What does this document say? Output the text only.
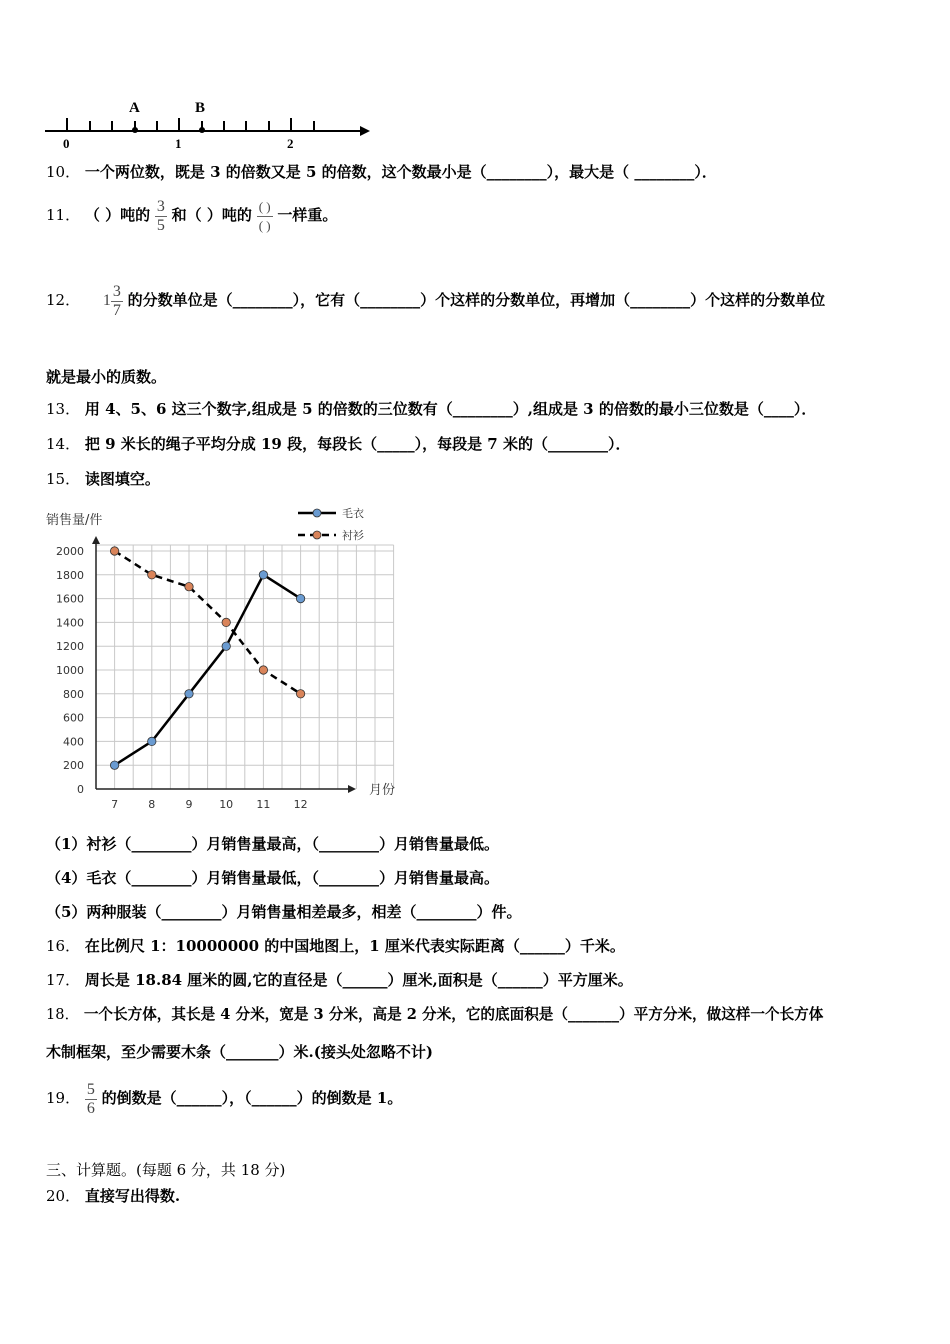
A	B
0	1	2
10． 一个两位数，既是 3 的倍数又是 5 的倍数，这个数最小是（________），最大是（ ________）．
11． （ ）吨的 $\frac{3}{5}$ 和（ ）吨的 $\frac{( )}{( )}$ 一样重。
12． $1 \frac{3}{7}$ 的分数单位是（________），它有（________）个这样的分数单位，再增加（________）个这样的分数单位
就是最小的质数。
13． 用 4、5、6 这三个数字,组成是 5 的倍数的三位数有（________）,组成是 3 的倍数的最小三位数是（____）．
14． 把 9 米长的绳子平均分成 19 段，每段长（_____），每段是 7 米的（________）．
15． 读图填空。
0
200
400
600
800
1000
1200
1400
1600
1800
2000
销售量/件
月份
7	8	9 10 11 12
毛衣
衬衫
（1）衬衫（________）月销售量最高，（________）月销售量最低。
（4）毛衣（________）月销售量最低，（________）月销售量最高。
（5）两种服装（________）月销售量相差最多，相差（________）件。
16． 在比例尺 1：10000000 的中国地图上，1 厘米代表实际距离（______）千米。
17． 周长是 18.84 厘米的圆,它的直径是（______）厘米,面积是（______）平方厘米。
18． 一个长方体，其长是 4 分米，宽是 3 分米，高是 2 分米，它的底面积是（_______）平方分米，做这样一个长方体
木制框架，至少需要木条（_______）米.(接头处忽略不计)
19． $\frac{5}{6}$ 的倒数是（______），（______）的倒数是 1。
三、计算题。(每题 6 分，共 18 分)
20． 直接写出得数.
